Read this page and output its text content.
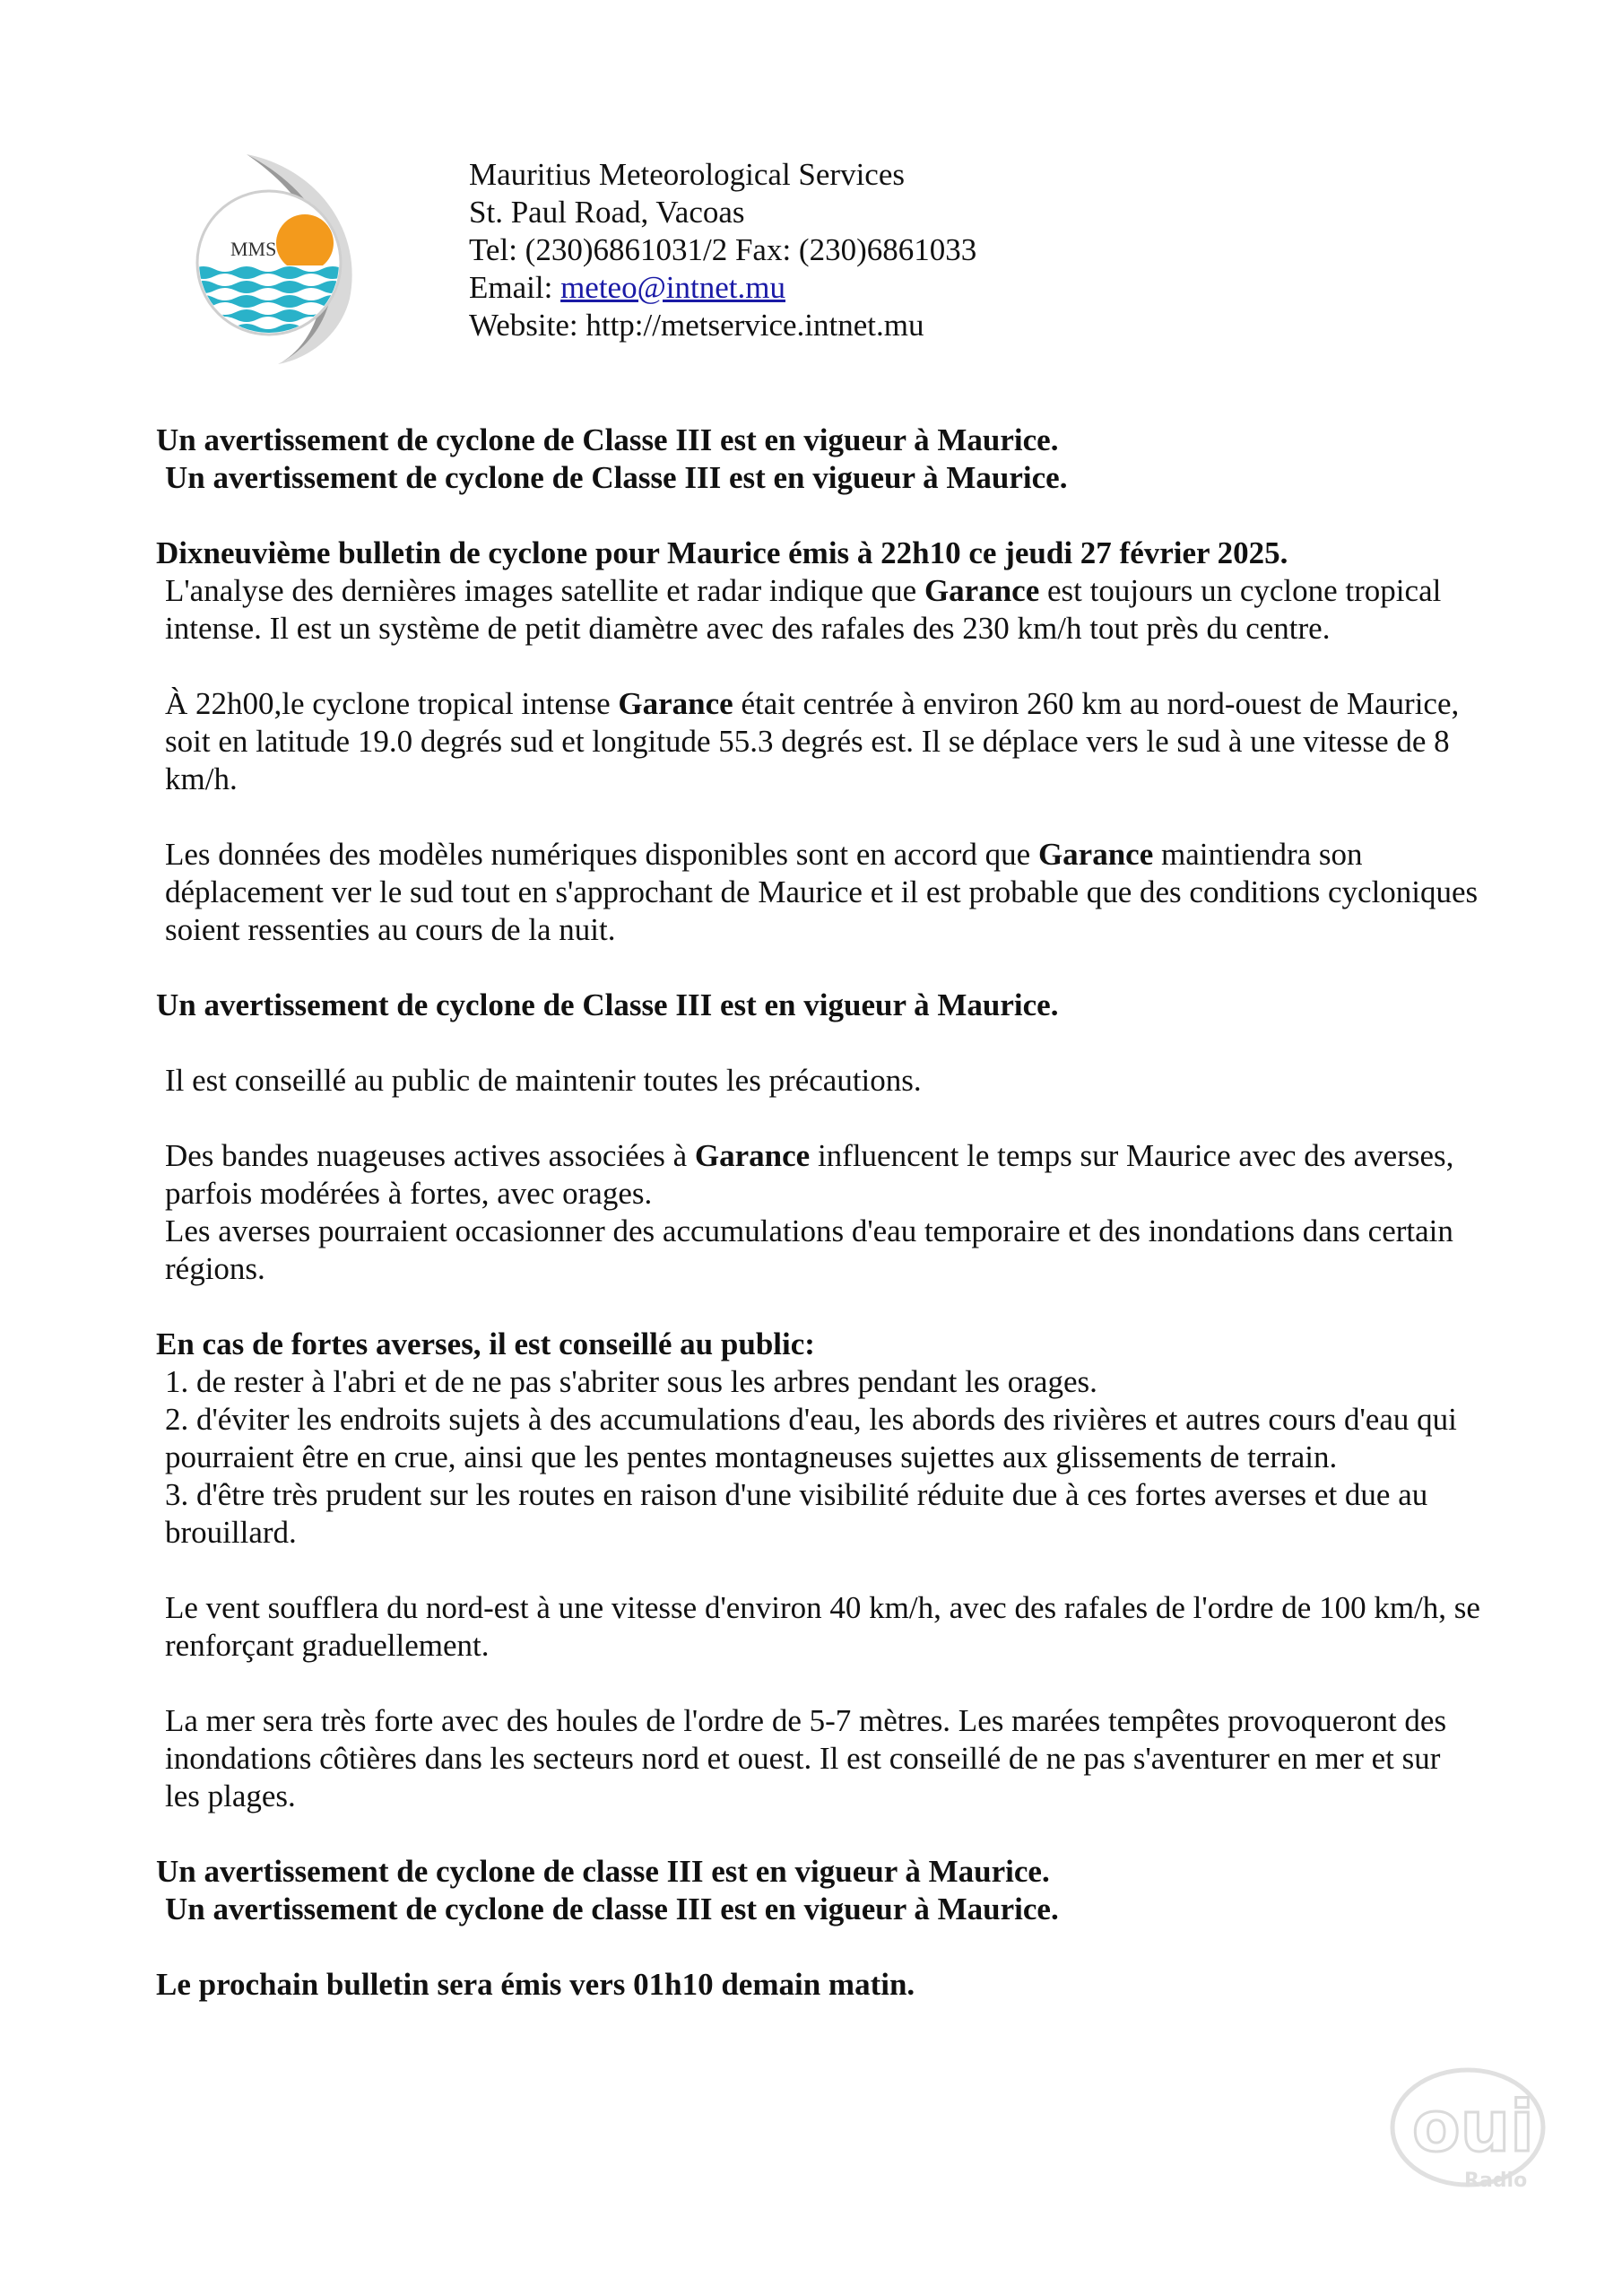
MMS
Mauritius Meteorological Services
St. Paul Road, Vacoas
Tel: (230)6861031/2 Fax: (230)6861033
Email: meteo@intnet.mu
Website: http://metservice.intnet.mu

Un avertissement de cyclone de Classe III est en vigueur à Maurice.

Un avertissement de cyclone de Classe III est en vigueur à Maurice.

Dixneuvième bulletin de cyclone pour Maurice émis à 22h10 ce jeudi 27 février 2025.

L'analyse des dernières images satellite et radar indique que Garance est toujours un cyclone tropical intense. Il est un système de petit diamètre avec des rafales des 230 km/h tout près du centre.

À 22h00,le cyclone tropical intense Garance était centrée à environ 260 km au nord-ouest de Maurice, soit en latitude 19.0 degrés sud et longitude 55.3 degrés est. Il se déplace vers le sud à une vitesse de 8 km/h.

Les données des modèles numériques disponibles sont en accord que Garance maintiendra son déplacement ver le sud tout en s'approchant de Maurice et il est probable que des conditions cycloniques soient ressenties au cours de la nuit.

Un avertissement de cyclone de Classe III est en vigueur à Maurice.

Il est conseillé au public de maintenir toutes les précautions.

Des bandes nuageuses actives associées à Garance influencent le temps sur Maurice avec des averses, parfois modérées à fortes, avec orages.

Les averses pourraient occasionner des accumulations d'eau temporaire et des inondations dans certain régions.

En cas de fortes averses, il est conseillé au public:

1. de rester à l'abri et de ne pas s'abriter sous les arbres pendant les orages.

2. d'éviter les endroits sujets à des accumulations d'eau, les abords des rivières et autres cours d'eau qui pourraient être en crue, ainsi que les pentes montagneuses sujettes aux glissements de terrain.

3. d'être très prudent sur les routes en raison d'une visibilité réduite due à ces fortes averses et due au brouillard.

Le vent soufflera du nord-est à une vitesse d'environ 40 km/h, avec des rafales de l'ordre de 100 km/h, se renforçant graduellement.

La mer sera très forte avec des houles de l'ordre de 5-7 mètres. Les marées tempêtes provoqueront des inondations côtières dans les secteurs nord et ouest. Il est conseillé de ne pas s'aventurer en mer et sur les plages.

Un avertissement de cyclone de classe III est en vigueur à Maurice.

Un avertissement de cyclone de classe III est en vigueur à Maurice.

Le prochain bulletin sera émis vers 01h10 demain matin.

oui
Radio
